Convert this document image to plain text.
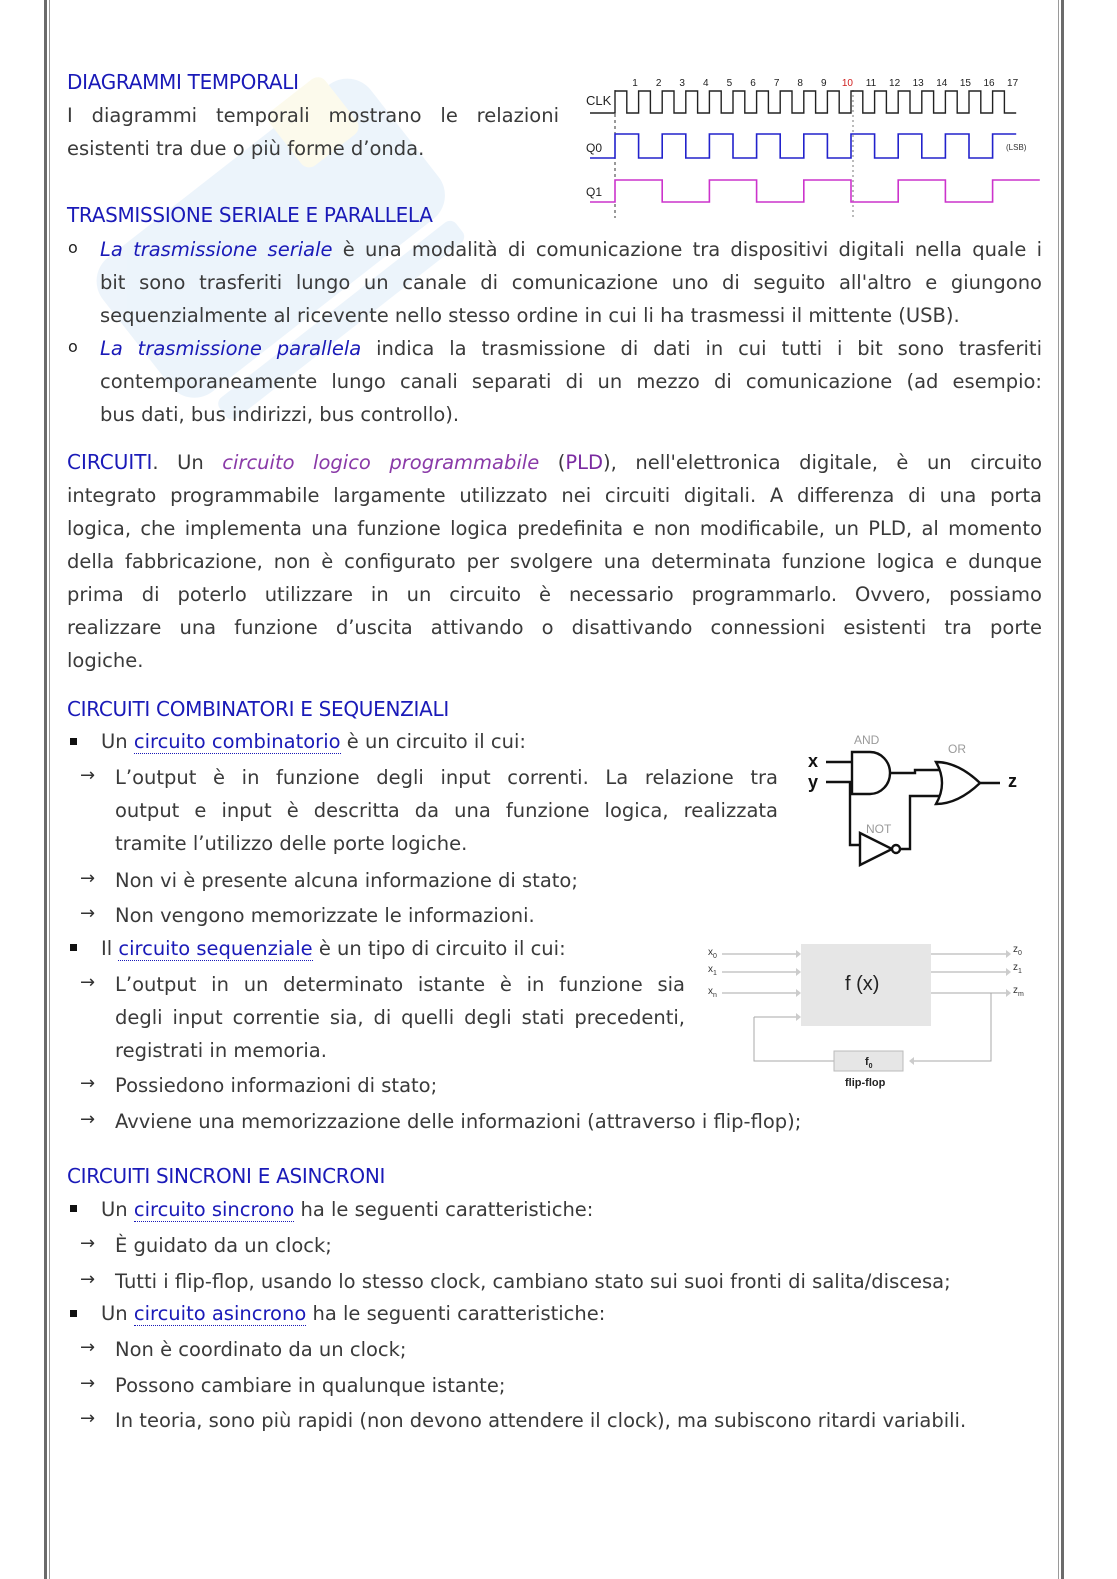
DIAGRAMMI TEMPORALI
I diagrammi temporali mostrano le relazioni
esistenti tra due o più forme d’onda.
1 2 3 4 5 6 7 8 9 10 11 12 13 14 15 16 17
CLK
Q0
Q1
(LSB)
TRASMISSIONE SERIALE E PARALLELA
o La trasmissione seriale è una modalità di comunicazione tra dispositivi digitali nella quale i
bit sono trasferiti lungo un canale di comunicazione uno di seguito all'altro e giungono
sequenzialmente al ricevente nello stesso ordine in cui li ha trasmessi il mittente (USB).
o La trasmissione parallela indica la trasmissione di dati in cui tutti i bit sono trasferiti
contemporaneamente lungo canali separati di un mezzo di comunicazione (ad esempio:
bus dati, bus indirizzi, bus controllo).
CIRCUITI. Un circuito logico programmabile (PLD), nell'elettronica digitale, è un circuito
integrato programmabile largamente utilizzato nei circuiti digitali. A differenza di una porta
logica, che implementa una funzione logica predefinita e non modificabile, un PLD, al momento
della fabbricazione, non è configurato per svolgere una determinata funzione logica e dunque
prima di poterlo utilizzare in un circuito è necessario programmarlo. Ovvero, possiamo
realizzare una funzione d’uscita attivando o disattivando connessioni esistenti tra porte
logiche.
CIRCUITI COMBINATORI E SEQUENZIALI
Un circuito combinatorio è un circuito il cui:
→ L’output è in funzione degli input correnti. La relazione tra
output e input è descritta da una funzione logica, realizzata
tramite l’utilizzo delle porte logiche.
→ Non vi è presente alcuna informazione di stato;
→ Non vengono memorizzate le informazioni.
AND
OR
NOT
x
y	z
Il circuito sequenziale è un tipo di circuito il cui:
→ L’output in un determinato istante è in funzione sia
degli input correntie sia, di quelli degli stati precedenti,
registrati in memoria.
→ Possiedono informazioni di stato;
→ Avviene una memorizzazione delle informazioni (attraverso i flip-flop);
f (x)
$x_0$
$x_1$
$x_n$
$z_0$
$z_1$
$z_m$
$f_0$
flip-flop
CIRCUITI SINCRONI E ASINCRONI
Un circuito sincrono ha le seguenti caratteristiche:
→ È guidato da un clock;
→ Tutti i flip-flop, usando lo stesso clock, cambiano stato sui suoi fronti di salita/discesa;
Un circuito asincrono ha le seguenti caratteristiche:
→ Non è coordinato da un clock;
→ Possono cambiare in qualunque istante;
→ In teoria, sono più rapidi (non devono attendere il clock), ma subiscono ritardi variabili.
